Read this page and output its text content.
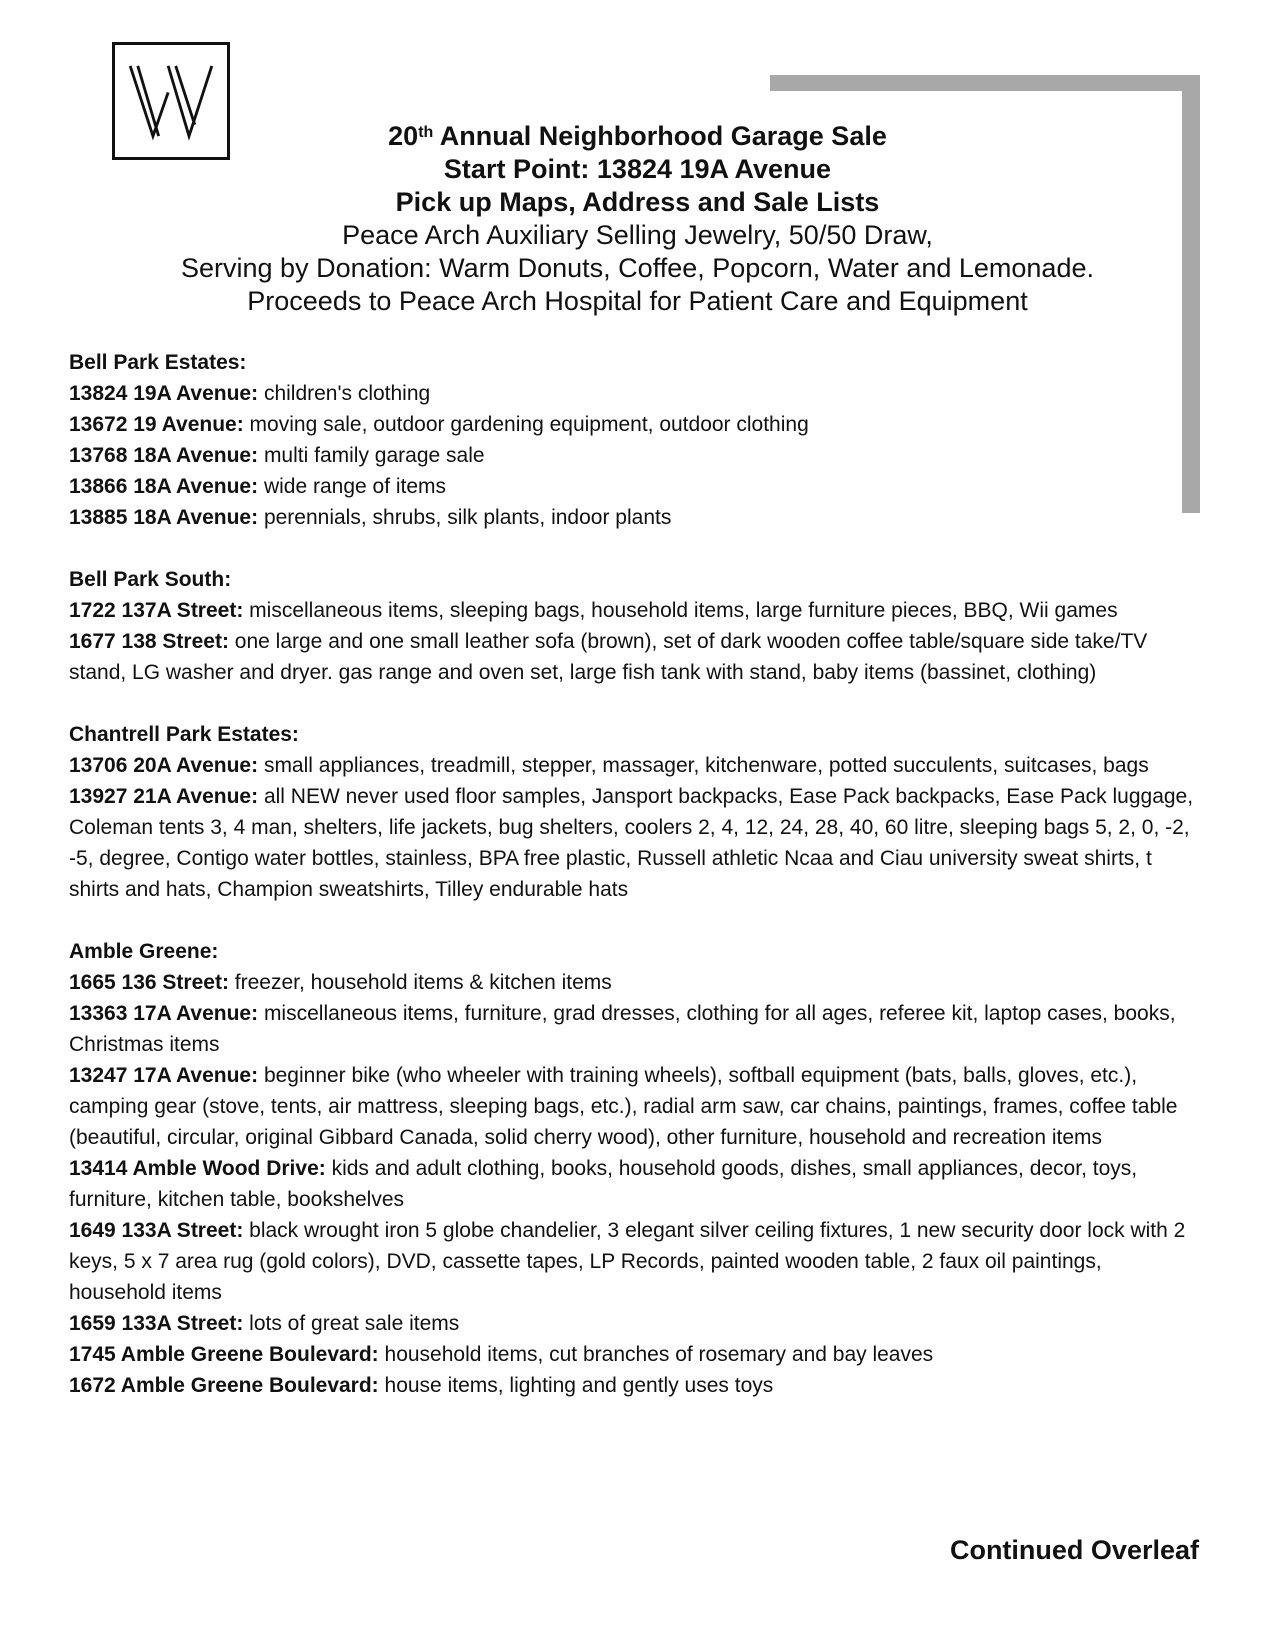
20th Annual Neighborhood Garage Sale
Start Point: 13824 19A Avenue
Pick up Maps, Address and Sale Lists
Peace Arch Auxiliary Selling Jewelry, 50/50 Draw,
Serving by Donation: Warm Donuts, Coffee, Popcorn, Water and Lemonade.
Proceeds to Peace Arch Hospital for Patient Care and Equipment
Bell Park Estates:
13824 19A Avenue: children's clothing
13672 19 Avenue: moving sale, outdoor gardening equipment, outdoor clothing
13768 18A Avenue: multi family garage sale
13866 18A Avenue: wide range of items
13885 18A Avenue: perennials, shrubs, silk plants, indoor plants
Bell Park South:
1722 137A Street: miscellaneous items, sleeping bags, household items, large furniture pieces, BBQ, Wii games
1677 138 Street: one large and one small leather sofa (brown), set of dark wooden coffee table/square side take/TV stand, LG washer and dryer. gas range and oven set, large fish tank with stand, baby items (bassinet, clothing)
Chantrell Park Estates:
13706 20A Avenue: small appliances, treadmill, stepper, massager, kitchenware, potted succulents, suitcases, bags
13927 21A Avenue: all NEW never used floor samples, Jansport backpacks, Ease Pack backpacks, Ease Pack luggage, Coleman tents 3, 4 man, shelters, life jackets, bug shelters, coolers 2, 4, 12, 24, 28, 40, 60 litre, sleeping bags 5, 2, 0, -2, -5, degree, Contigo water bottles, stainless, BPA free plastic, Russell athletic Ncaa and Ciau university sweat shirts, t shirts and hats, Champion sweatshirts, Tilley endurable hats
Amble Greene:
1665 136 Street: freezer, household items & kitchen items
13363 17A Avenue: miscellaneous items, furniture, grad dresses, clothing for all ages, referee kit, laptop cases, books, Christmas items
13247 17A Avenue: beginner bike (who wheeler with training wheels), softball equipment (bats, balls, gloves, etc.), camping gear (stove, tents, air mattress, sleeping bags, etc.), radial arm saw, car chains, paintings, frames, coffee table (beautiful, circular, original Gibbard Canada, solid cherry wood), other furniture, household and recreation items
13414 Amble Wood Drive: kids and adult clothing, books, household goods, dishes, small appliances, decor, toys, furniture, kitchen table, bookshelves
1649 133A Street: black wrought iron 5 globe chandelier, 3 elegant silver ceiling fixtures, 1 new security door lock with 2 keys, 5 x 7 area rug (gold colors), DVD, cassette tapes, LP Records, painted wooden table, 2 faux oil paintings, household items
1659 133A Street: lots of great sale items
1745 Amble Greene Boulevard: household items, cut branches of rosemary and bay leaves
1672 Amble Greene Boulevard: house items, lighting and gently uses toys
Continued Overleaf
